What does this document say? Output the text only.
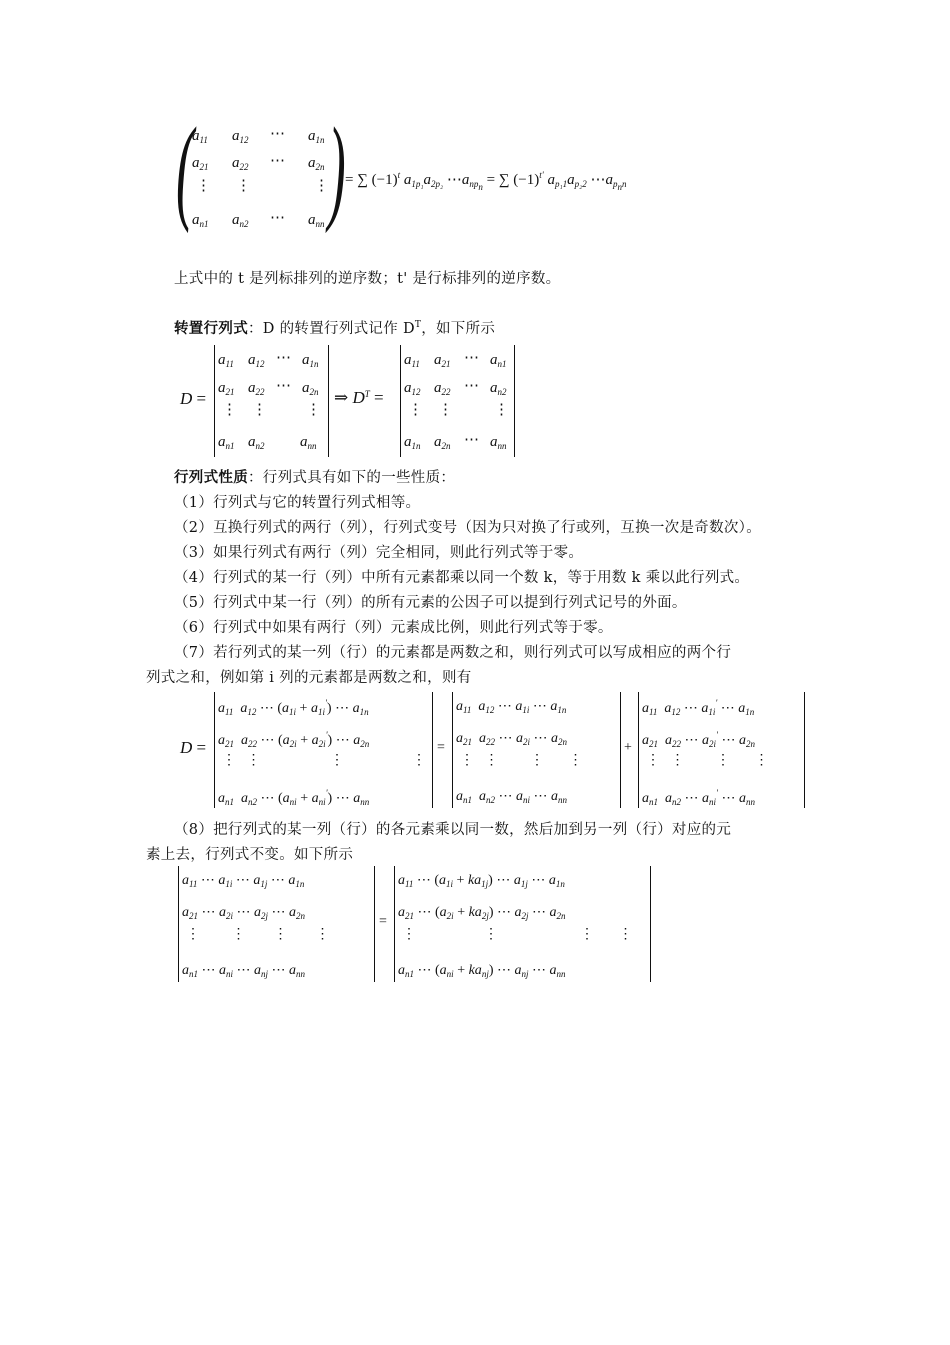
(
$a_{11}$ $a_{12}$ ⋯ $a_{1n}$
$a_{21}$ $a_{22}$ ⋯ $a_{2n}$
⋮ ⋮	⋮
$a_{n1}$ $a_{n2}$ ⋯ $a_{nn}$ ) = ∑ $(-1)^t$ $a_{1p_1}a_{2p_2}$ $\cdots a_{np_n}$ = ∑ $(-1)^{t'}$ $a_{p_11}a_{p_22}$ $\cdots a_{p_nn}$
上式中的 t 是列标排列的逆序数；t' 是行标排列的逆序数。
转置行列式：D 的转置行列式记作 $D^T$，如下所示
D =
$a_{11}$ $a_{12}$ ⋯ $a_{1n}$
$a_{21}$ $a_{22}$ ⋯ $a_{2n}$
⋮ ⋮	⋮
$a_{n1}$ $a_{n2}$ $a_{nn}$
⇒ $D^T$ =
$a_{11}$ $a_{21}$ ⋯ $a_{n1}$
$a_{12}$ $a_{22}$ ⋯ $a_{n2}$
⋮ ⋮	⋮
$a_{1n}$ $a_{2n}$ ⋯ $a_{nn}$
行列式性质：行列式具有如下的一些性质：
（1）行列式与它的转置行列式相等。
（2）互换行列式的两行（列），行列式变号（因为只对换了行或列，互换一次是奇数次）。
（3）如果行列式有两行（列）完全相同，则此行列式等于零。
（4）行列式的某一行（列）中所有元素都乘以同一个数 k，等于用数 k 乘以此行列式。
（5）行列式中某一行（列）的所有元素的公因子可以提到行列式记号的外面。
（6）行列式中如果有两行（列）元素成比例，则此行列式等于零。
（7）若行列式的某一列（行）的元素都是两数之和，则行列式可以写成相应的两个行
列式之和，例如第 i 列的元素都是两数之和，则有
D =
$a_{11}$  $a_{12}$ ⋯ $(a_{1i} + a_{1i}')$ ⋯ $a_{1n}$
$a_{21}$  $a_{22}$ ⋯ $(a_{2i} + a_{2i}')$ ⋯ $a_{2n}$
⋮   ⋮	⋮	⋮
$a_{n1}$  $a_{n2}$ ⋯ $(a_{ni} + a_{ni}')$ ⋯ $a_{nn}$
=
$a_{11}$  $a_{12}$ ⋯ $a_{1i}$ ⋯ $a_{1n}$
$a_{21}$  $a_{22}$ ⋯ $a_{2i}$ ⋯ $a_{2n}$
⋮   ⋮         ⋮       ⋮
$a_{n1}$  $a_{n2}$ ⋯ $a_{ni}$ ⋯ $a_{nn}$
+
$a_{11}$  $a_{12}$ ⋯ $a_{1i}'$ ⋯ $a_{1n}$
$a_{21}$  $a_{22}$ ⋯ $a_{2i}'$ ⋯ $a_{2n}$
⋮   ⋮         ⋮       ⋮
$a_{n1}$  $a_{n2}$ ⋯ $a_{ni}'$ ⋯ $a_{nn}$
（8）把行列式的某一列（行）的各元素乘以同一数，然后加到另一列（行）对应的元
素上去，行列式不变。如下所示
$a_{11}$ ⋯ $a_{1i}$ ⋯ $a_{1j}$ ⋯ $a_{1n}$
$a_{21}$ ⋯ $a_{2i}$ ⋯ $a_{2j}$ ⋯ $a_{2n}$
⋮         ⋮        ⋮        ⋮
$a_{n1}$ ⋯ $a_{ni}$ ⋯ $a_{nj}$ ⋯ $a_{nn}$
=
$a_{11}$ ⋯ $(a_{1i} + ka_{1j})$ ⋯ $a_{1j}$ ⋯ $a_{1n}$
$a_{21}$ ⋯ $(a_{2i} + ka_{2j})$ ⋯ $a_{2j}$ ⋯ $a_{2n}$
⋮	⋮	⋮       ⋮
$a_{n1}$ ⋯ $(a_{ni} + ka_{nj})$ ⋯ $a_{nj}$ ⋯ $a_{nn}$
